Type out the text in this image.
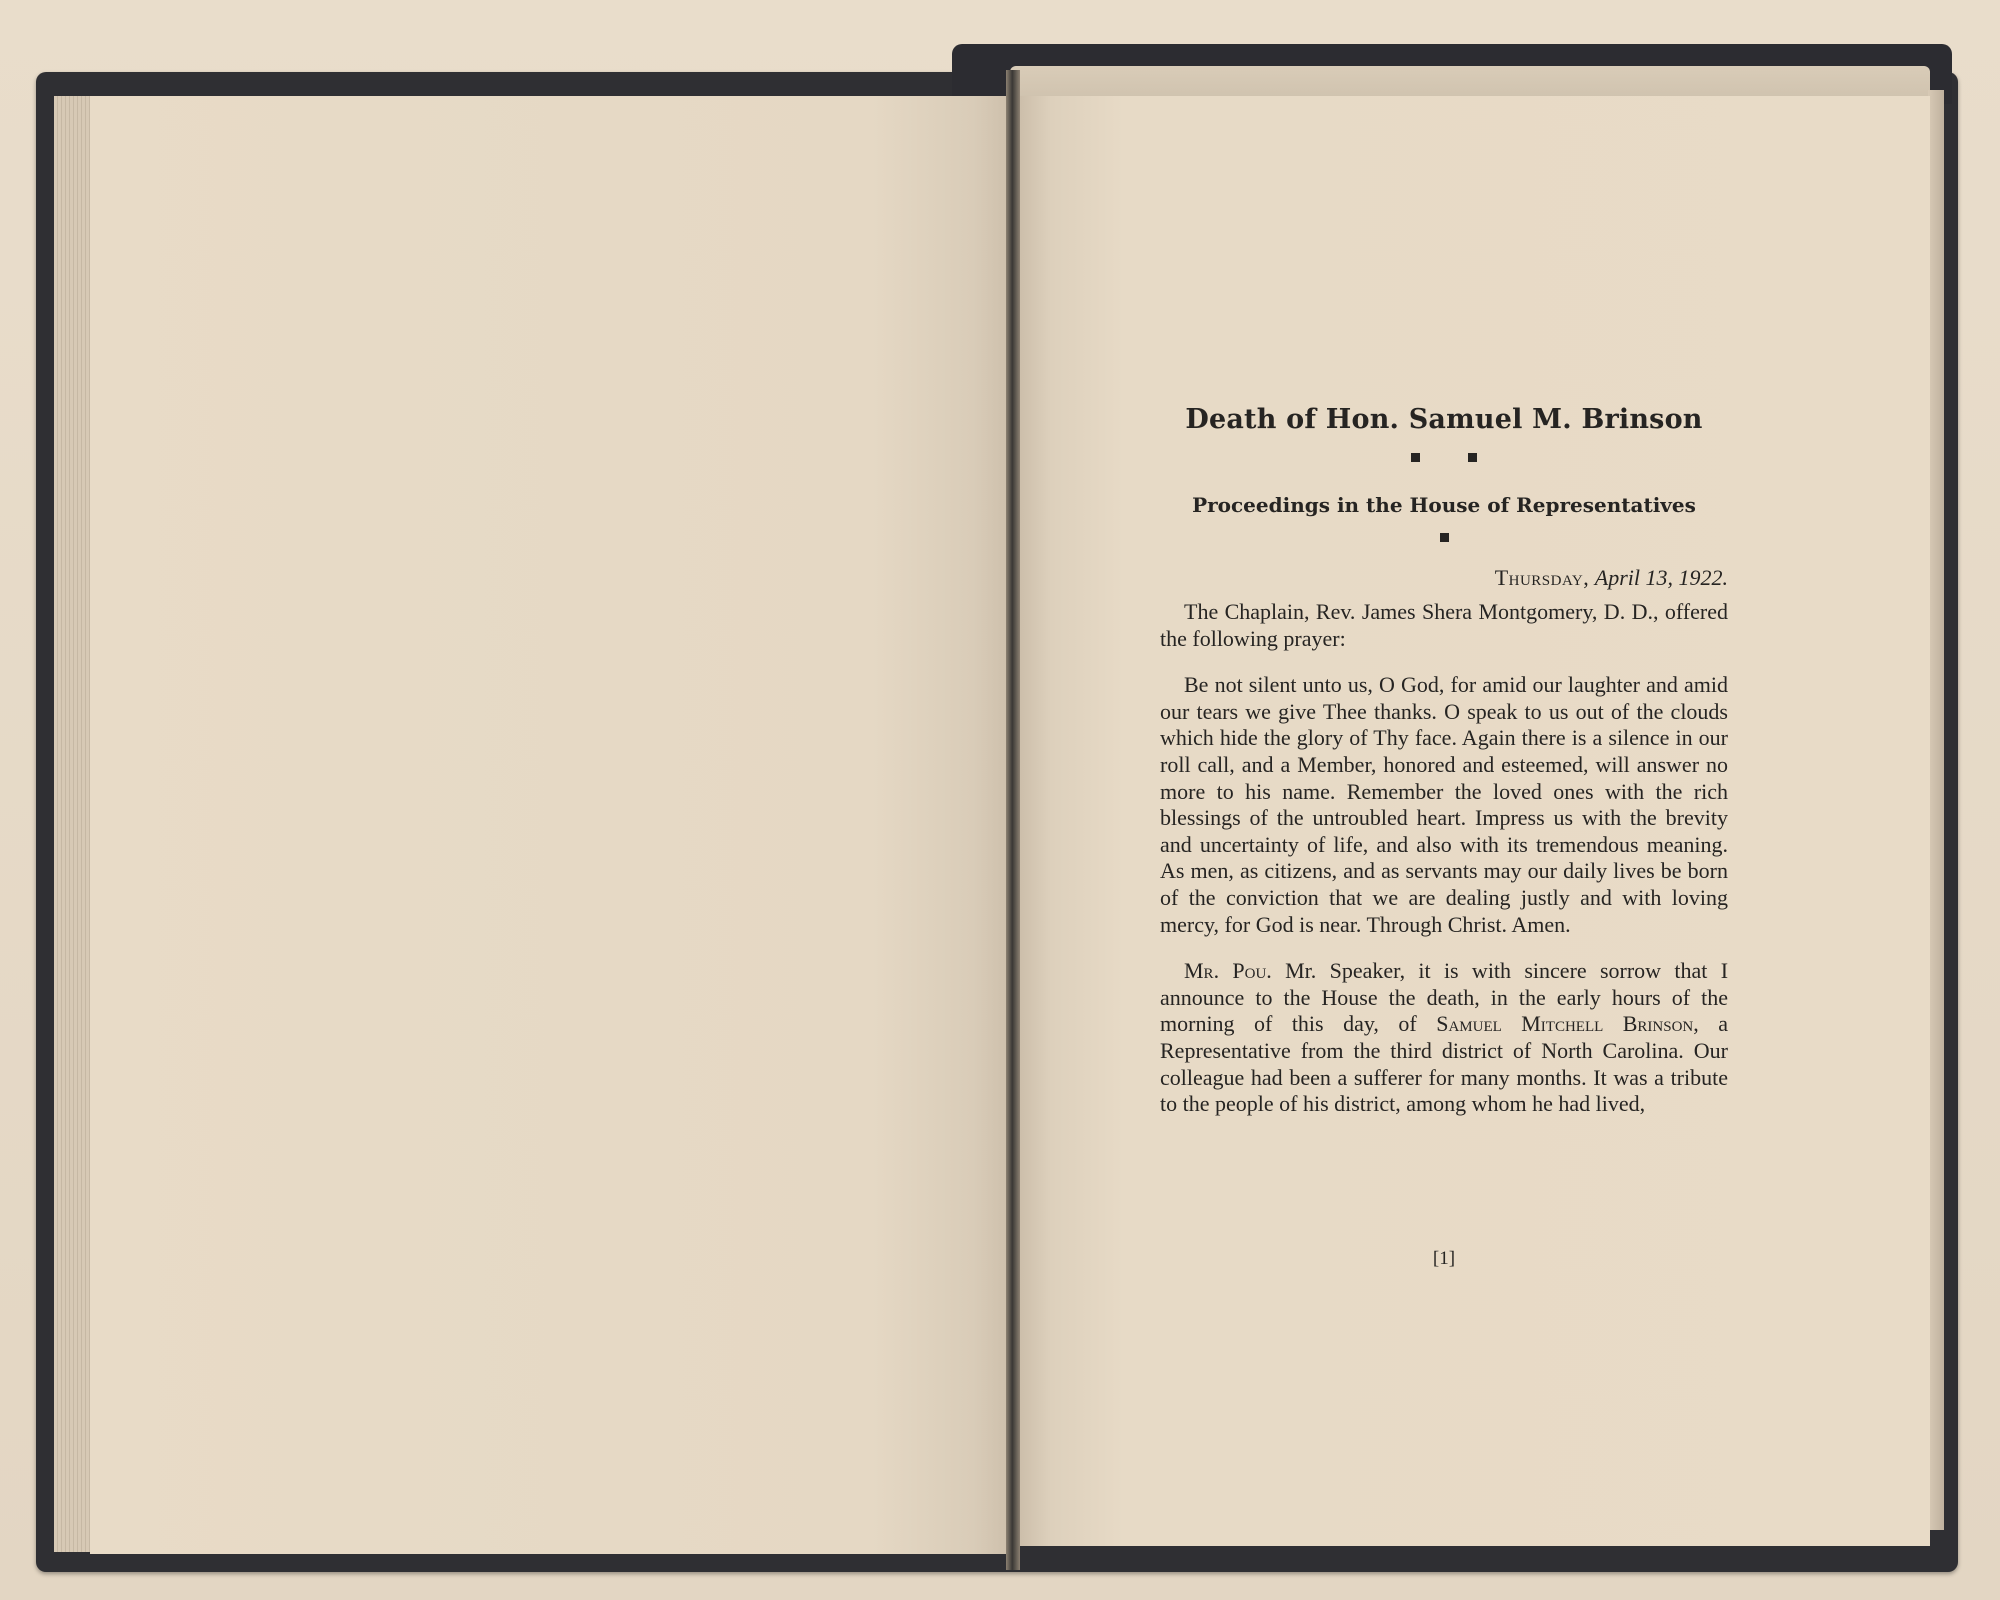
Death of Hon. Samuel M. Brinson
Proceedings in the House of Representatives
Thursday, April 13, 1922.

The Chaplain, Rev. James Shera Montgomery, D. D., offered the following prayer:

Be not silent unto us, O God, for amid our laughter and amid our tears we give Thee thanks. O speak to us out of the clouds which hide the glory of Thy face. Again there is a silence in our roll call, and a Member, honored and esteemed, will answer no more to his name. Remember the loved ones with the rich blessings of the untroubled heart. Impress us with the brevity and uncertainty of life, and also with its tremendous meaning. As men, as citizens, and as servants may our daily lives be born of the conviction that we are dealing justly and with loving mercy, for God is near. Through Christ. Amen.

Mr. Pou. Mr. Speaker, it is with sincere sorrow that I announce to the House the death, in the early hours of the morning of this day, of Samuel Mitchell Brinson, a Representative from the third district of North Carolina. Our colleague had been a sufferer for many months. It was a tribute to the people of his district, among whom he had lived,

[1]
